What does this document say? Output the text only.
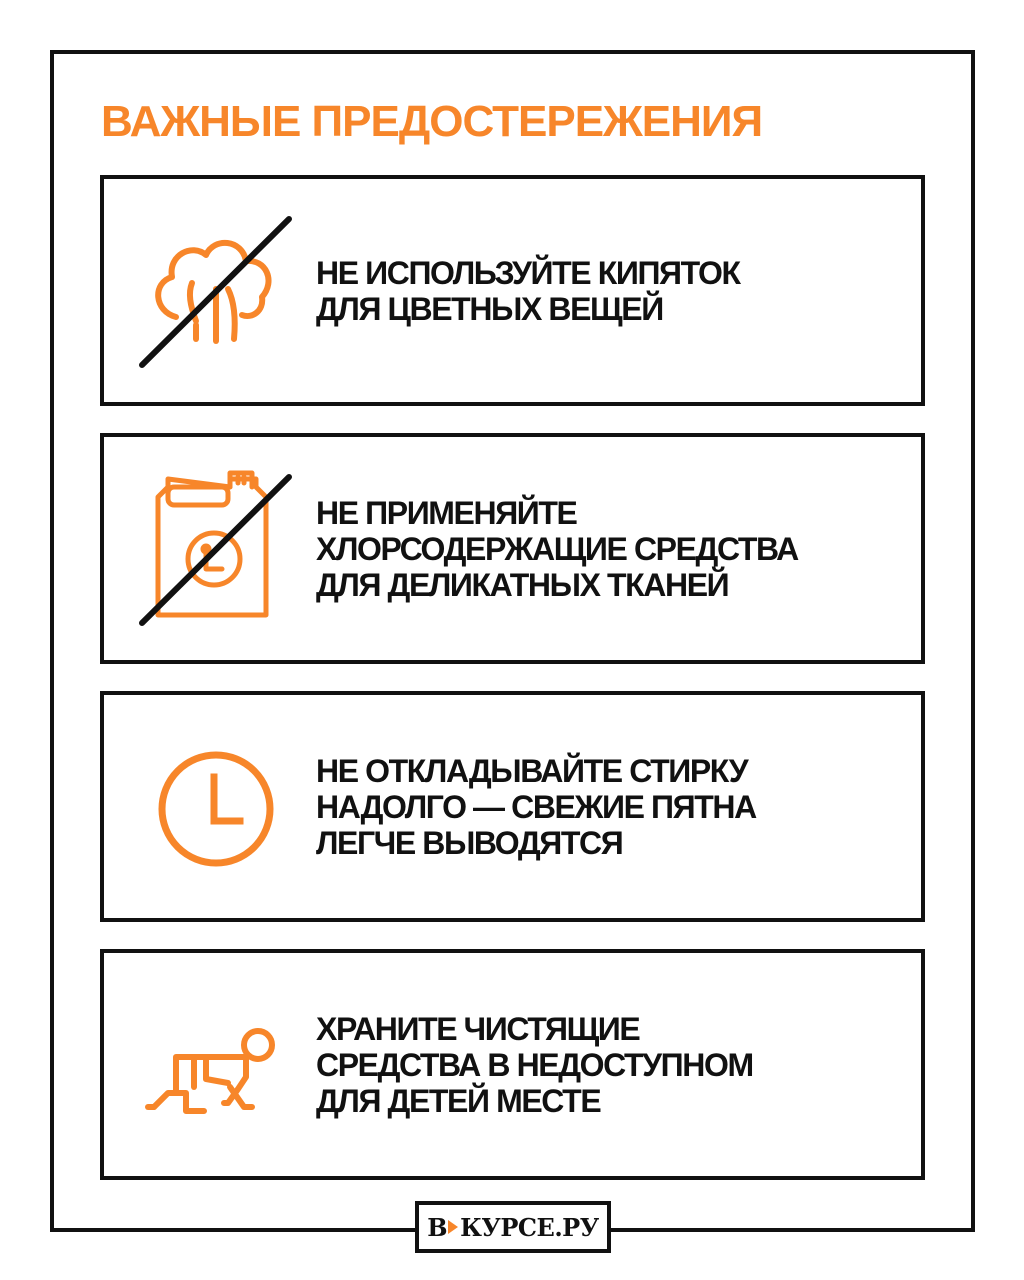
ВАЖНЫЕ ПРЕДОСТЕРЕЖЕНИЯ
НЕ ИСПОЛЬЗУЙТЕ КИПЯТОК
ДЛЯ ЦВЕТНЫХ ВЕЩЕЙ
НЕ ПРИМЕНЯЙТЕ
ХЛОРСОДЕРЖАЩИЕ СРЕДСТВА
ДЛЯ ДЕЛИКАТНЫХ ТКАНЕЙ
НЕ ОТКЛАДЫВАЙТЕ СТИРКУ
НАДОЛГО — СВЕЖИЕ ПЯТНА
ЛЕГЧЕ ВЫВОДЯТСЯ
ХРАНИТЕ ЧИСТЯЩИЕ
СРЕДСТВА В НЕДОСТУПНОМ
ДЛЯ ДЕТЕЙ МЕСТЕ
В КУРСЕ.РУ
